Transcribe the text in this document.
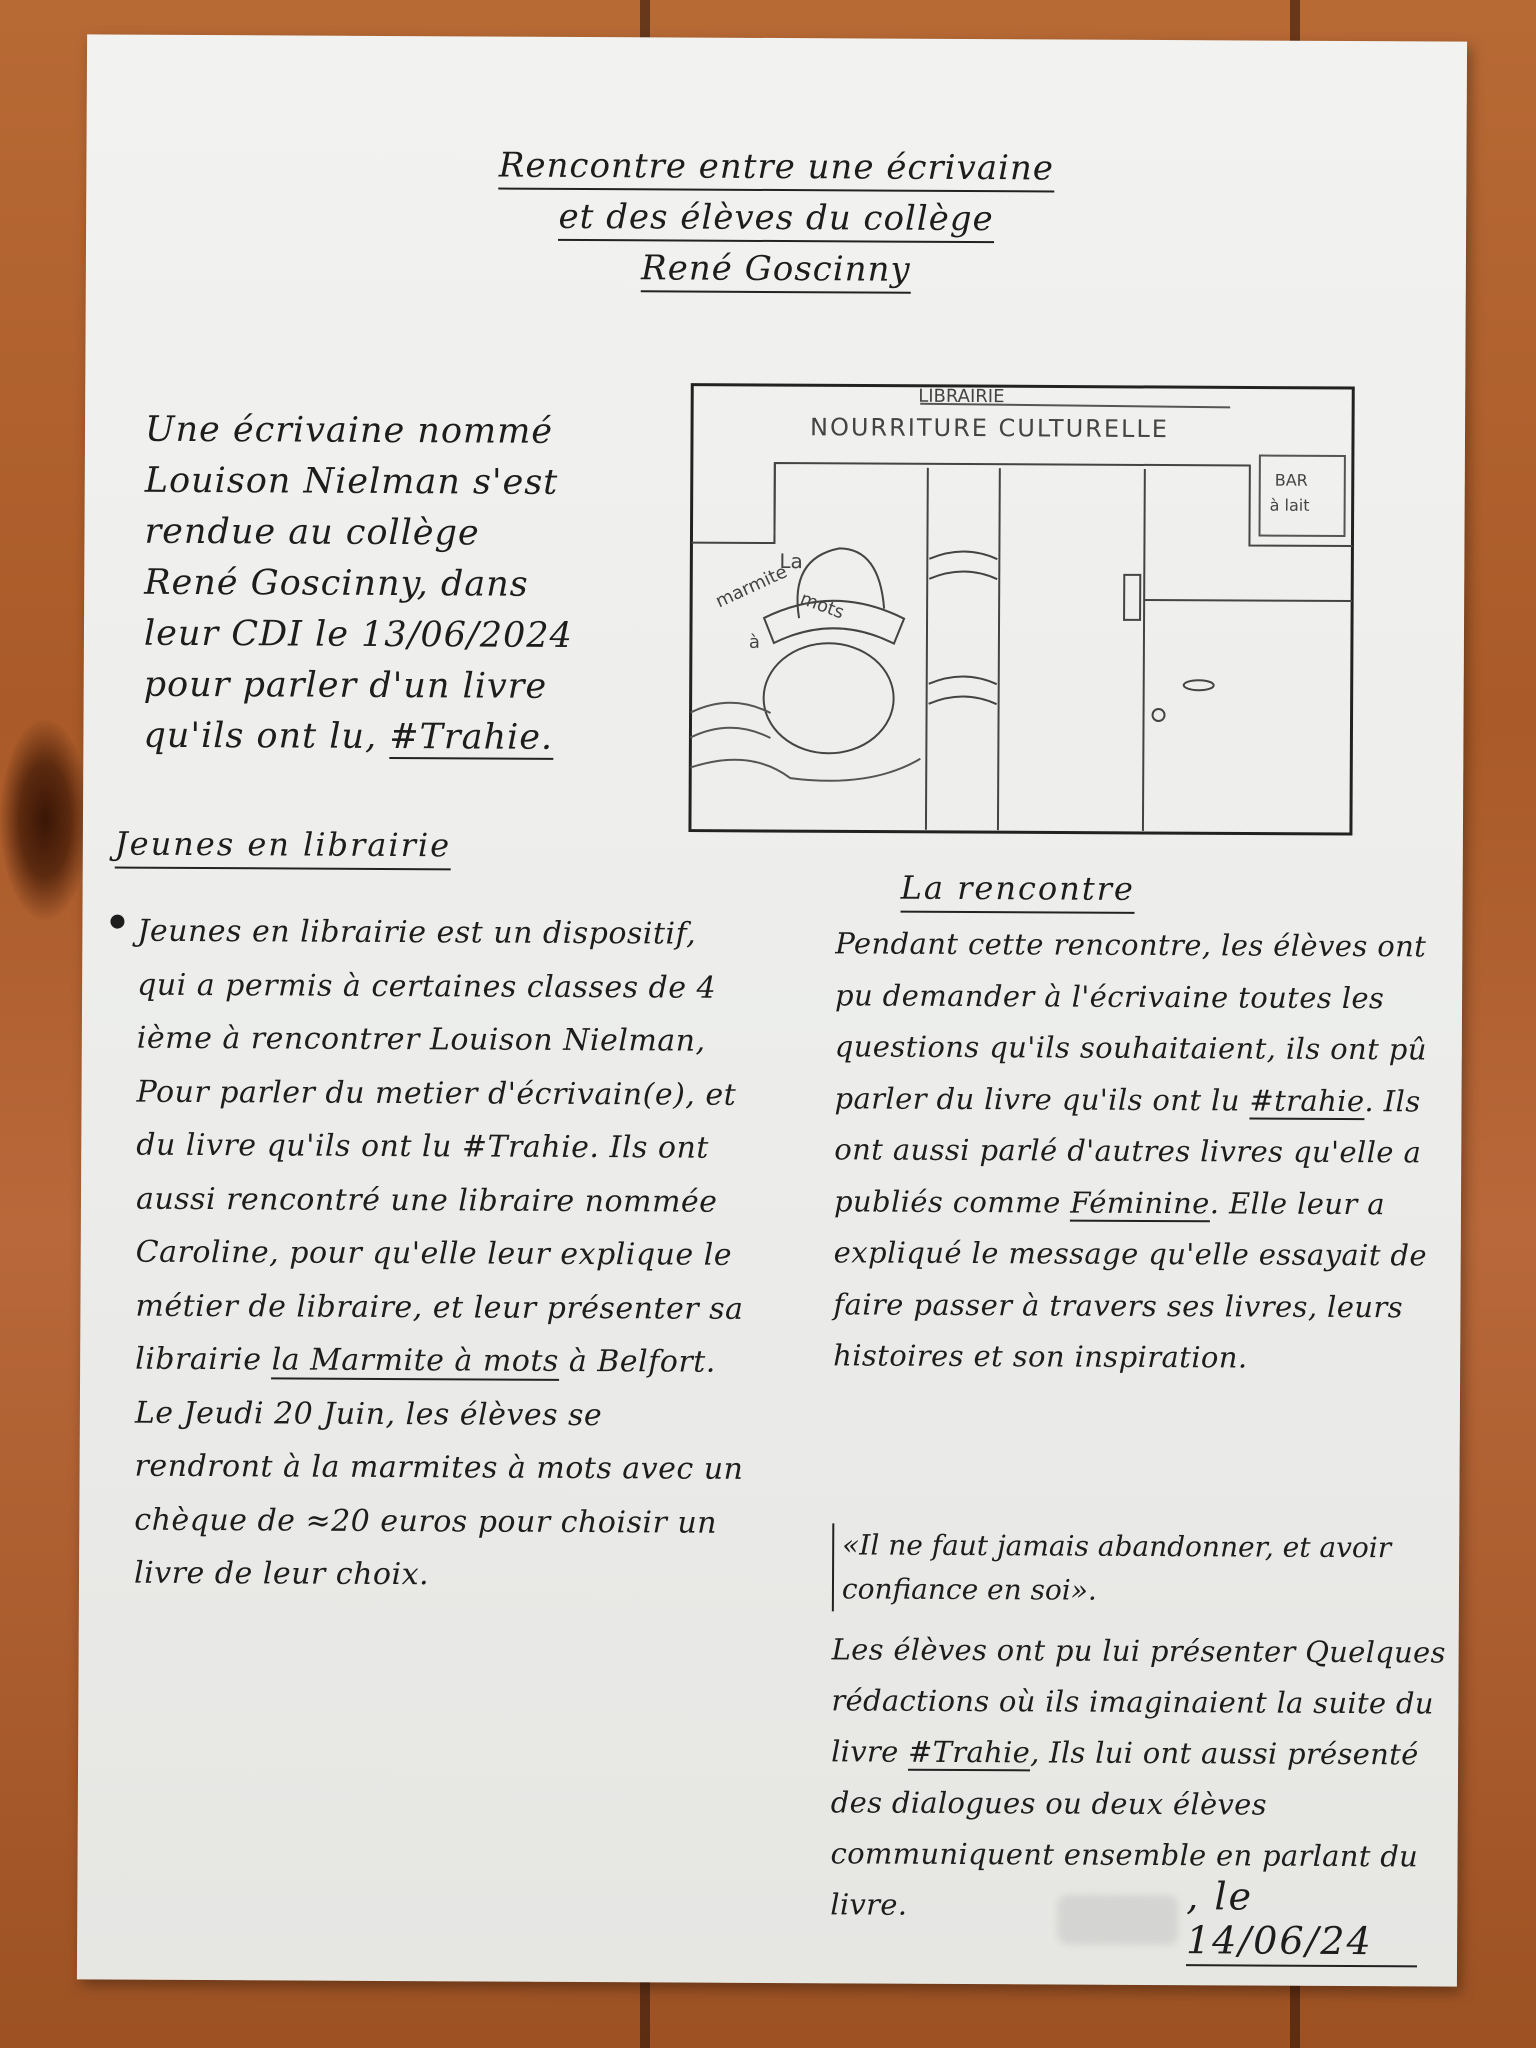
Rencontre entre une écrivaine
et des élèves du collège
René Goscinny
Une écrivaine nommé Louison Nielman s'est rendue au collège René Goscinny, dans leur CDI le 13/06/2024 pour parler d'un livre qu'ils ont lu, #Trahie.
LIBRAIRIE
NOURRITURE CULTURELLE
BAR
à lait
La
marmite
à
mots
Jeunes en librairie
Jeunes en librairie est un dispositif, qui a permis à certaines classes de 4 ième à rencontrer Louison Nielman, Pour parler du metier d'écrivain(e), et du livre qu'ils ont lu #Trahie. Ils ont aussi rencontré une libraire nommée Caroline, pour qu'elle leur explique le métier de libraire, et leur présenter sa librairie la Marmite à mots à Belfort. Le Jeudi 20 Juin, les élèves se rendront à la marmites à mots avec un chèque de ≈20 euros pour choisir un livre de leur choix.
La rencontre
Pendant cette rencontre, les élèves ont pu demander à l'écrivaine toutes les questions qu'ils souhaitaient, ils ont pû parler du livre qu'ils ont lu #trahie. Ils ont aussi parlé d'autres livres qu'elle a publiés comme Féminine. Elle leur a expliqué le message qu'elle essayait de faire passer à travers ses livres, leurs histoires et son inspiration.
«Il ne faut jamais abandonner, et avoir confiance en soi».
Les élèves ont pu lui présenter Quelques rédactions où ils imaginaient la suite du livre #Trahie, Ils lui ont aussi présenté des dialogues ou deux élèves communiquent ensemble en parlant du livre.	, le 14/06/24
